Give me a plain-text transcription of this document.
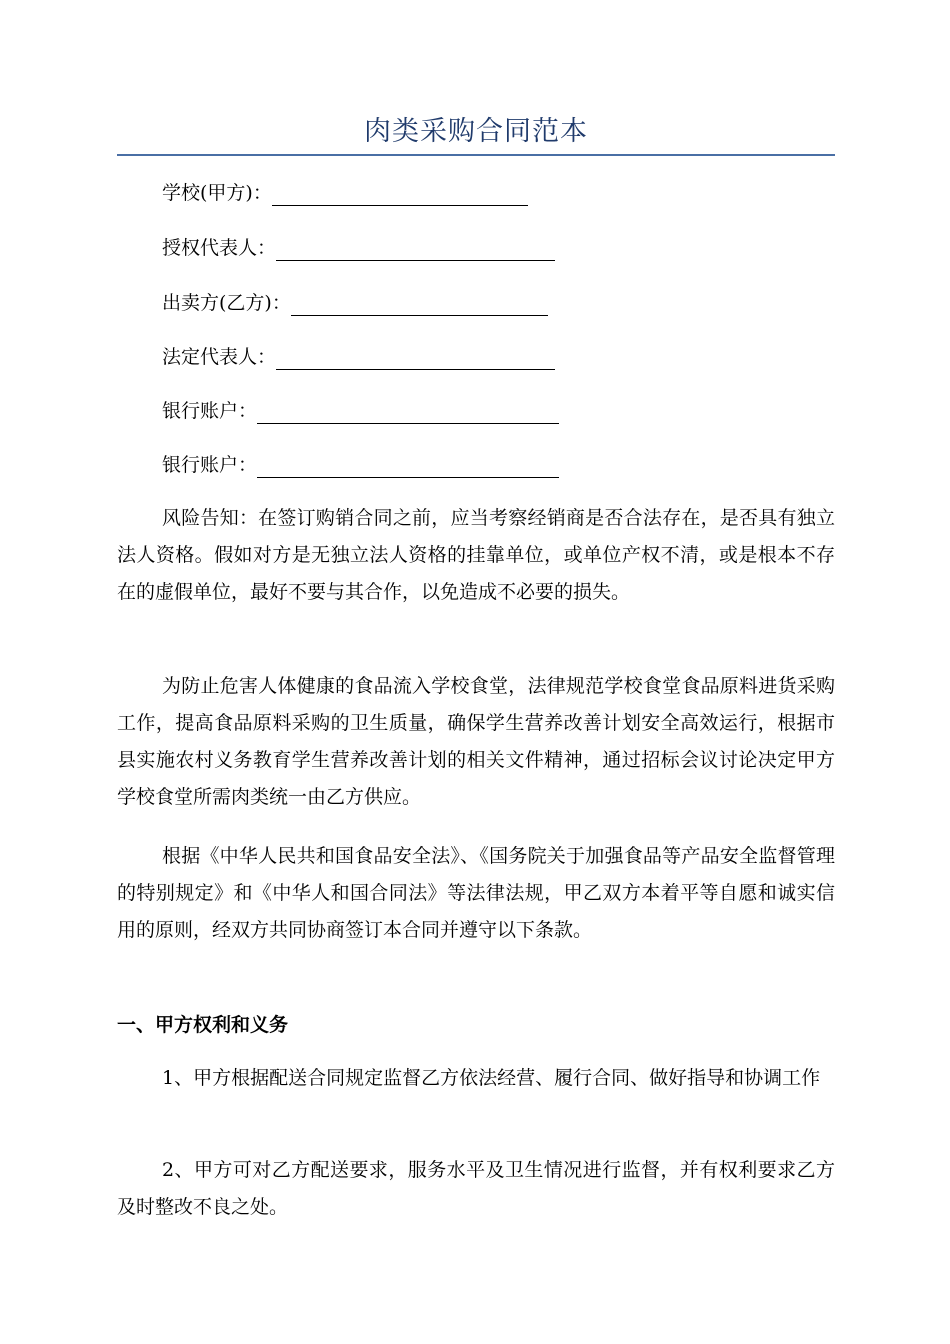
肉类采购合同范本
学校(甲方)：
授权代表人：
出卖方(乙方)：
法定代表人：
银行账户：
银行账户：

风险告知：在签订购销合同之前，应当考察经销商是否合法存在，是否具有独立法人资格。假如对方是无独立法人资格的挂靠单位，或单位产权不清，或是根本不存在的虚假单位，最好不要与其合作，以免造成不必要的损失。

为防止危害人体健康的食品流入学校食堂，法律规范学校食堂食品原料进货采购工作，提高食品原料采购的卫生质量，确保学生营养改善计划安全高效运行，根据市县实施农村义务教育学生营养改善计划的相关文件精神，通过招标会议讨论决定甲方学校食堂所需肉类统一由乙方供应。

根据《中华人民共和国食品安全法》、《国务院关于加强食品等产品安全监督管理的特别规定》和《中华人和国合同法》等法律法规，甲乙双方本着平等自愿和诚实信用的原则，经双方共同协商签订本合同并遵守以下条款。

一、甲方权利和义务

1、甲方根据配送合同规定监督乙方依法经营、履行合同、做好指导和协调工作

2、甲方可对乙方配送要求，服务水平及卫生情况进行监督，并有权利要求乙方及时整改不良之处。
